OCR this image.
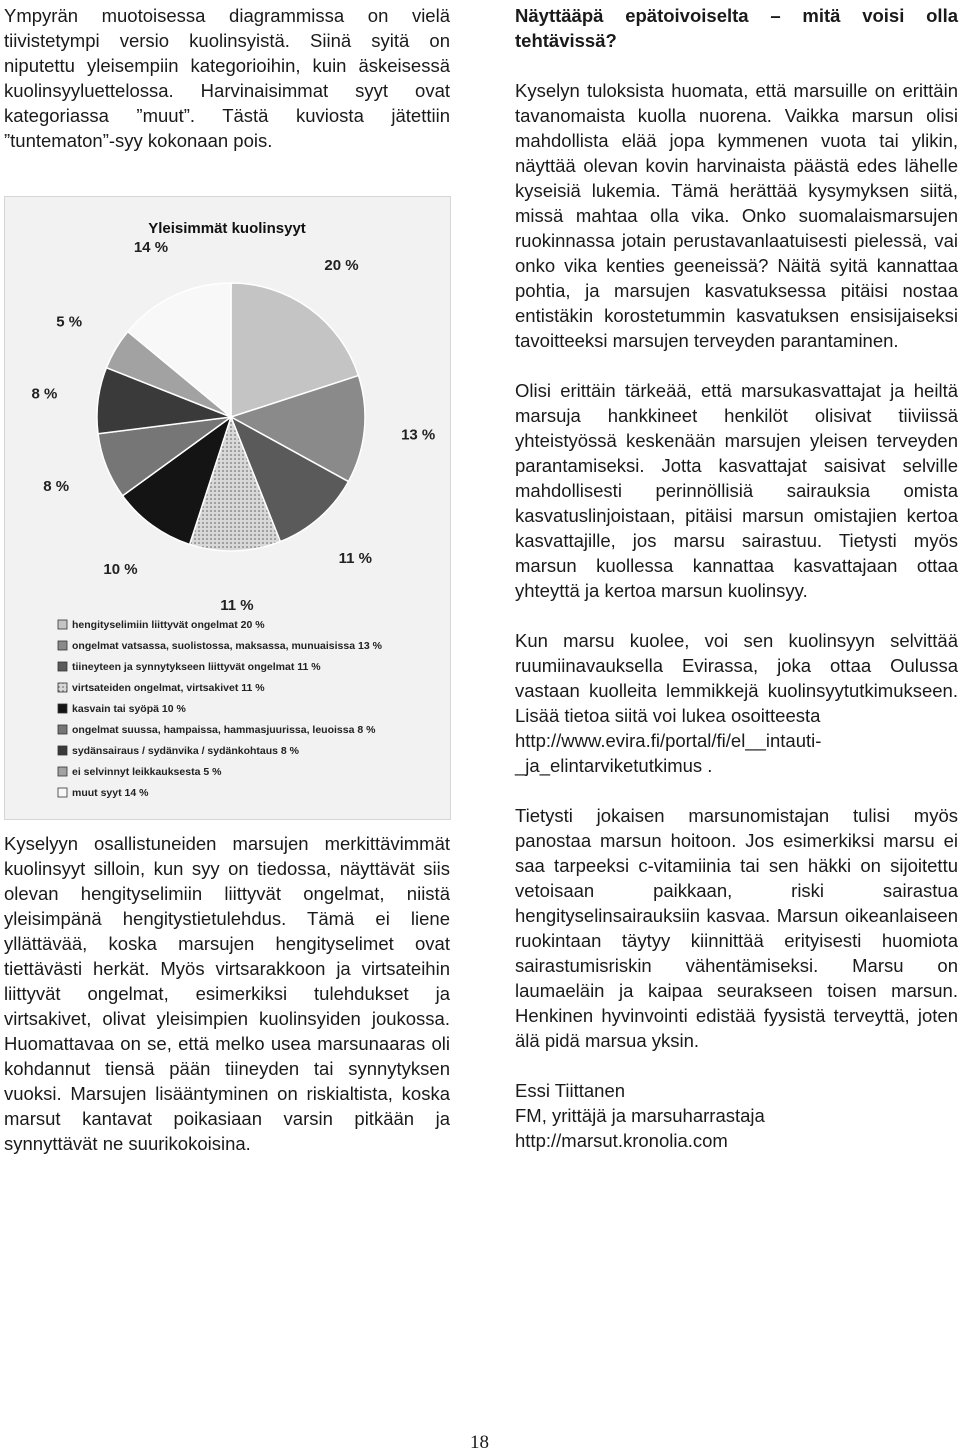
Ympyrän muotoisessa diagrammissa on vielä tiivistetympi versio kuolinsyistä. Siinä syitä on niputettu yleisempiin kategorioihin, kuin äskeisessä kuolinsyyluettelossa. Harvinaisimmat syyt ovat kategoriassa ”muut”. Tästä kuviosta jätettiin ”tuntematon”-syy kokonaan pois.

Yleisimmät kuolinsyyt
20 %
13 %
11 %
11 %
10 %
8 %
8 %
5 %
14 %
hengityselimiin liittyvät ongelmat 20 %
ongelmat vatsassa, suolistossa, maksassa, munuaisissa 13 %
tiineyteen ja synnytykseen liittyvät ongelmat 11 %
virtsateiden ongelmat, virtsakivet 11 %
kasvain tai syöpä 10 %
ongelmat suussa, hampaissa, hammasjuurissa, leuoissa 8 %
sydänsairaus / sydänvika / sydänkohtaus 8 %
ei selvinnyt leikkauksesta 5 %
muut syyt 14 %

Kyselyyn osallistuneiden marsujen merkittävimmät kuolinsyyt silloin, kun syy on tiedossa, näyttävät siis olevan hengityselimiin liittyvät ongelmat, niistä yleisimpänä hengitystietulehdus. Tämä ei liene yllättävää, koska marsujen hengityselimet ovat tiettävästi herkät. Myös virtsarakkoon ja virtsateihin liittyvät ongelmat, esimerkiksi tulehdukset ja virtsakivet, olivat yleisimpien kuolinsyiden joukossa. Huomattavaa on se, että melko usea marsunaaras oli kohdannut tiensä pään tiineyden tai synnytyksen vuoksi. Marsujen lisääntyminen on riskialtista, koska marsut kantavat poikasiaan varsin pitkään ja synnyttävät ne suurikokoisina.

Näyttääpä epätoivoiselta – mitä voisi olla tehtävissä?

Kyselyn tuloksista huomata, että marsuille on erittäin tavanomaista kuolla nuorena. Vaikka marsun olisi mahdollista elää jopa kymmenen vuota tai ylikin, näyttää olevan kovin harvinaista päästä edes lähelle kyseisiä lukemia. Tämä herättää kysymyksen siitä, missä mahtaa olla vika. Onko suomalaismarsujen ruokinnassa jotain perustavanlaatuisesti pielessä, vai onko vika kenties geeneissä? Näitä syitä kannattaa pohtia, ja marsujen kasvatuksessa pitäisi nostaa entistäkin korostetummin kasvatuksen ensisijaiseksi tavoitteeksi marsujen terveyden parantaminen.

Olisi erittäin tärkeää, että marsukasvattajat ja heiltä marsuja hankkineet henkilöt olisivat tiiviissä yhteistyössä keskenään marsujen yleisen terveyden parantamiseksi. Jotta kasvattajat saisivat selville mahdollisesti perinnöllisiä sairauksia omista kasvatuslinjoistaan, pitäisi marsun omistajien kertoa kasvattajille, jos marsu sairastuu. Tietysti myös marsun kuollessa kannattaa kasvattajaan ottaa yhteyttä ja kertoa marsun kuolinsyy.

Kun marsu kuolee, voi sen kuolinsyyn selvittää ruumiinavauksella Evirassa, joka ottaa Oulussa vastaan kuolleita lemmikkejä kuolinsyytutkimukseen. Lisää tietoa siitä voi lukea osoitteesta

http://www.evira.fi/portal/fi/el__intauti-
_ja_elintarviketutkimus .

Tietysti jokaisen marsunomistajan tulisi myös panostaa marsun hoitoon. Jos esimerkiksi marsu ei saa tarpeeksi c-vitamiinia tai sen häkki on sijoitettu vetoisaan paikkaan, riski sairastua hengityselinsairauksiin kasvaa. Marsun oikeanlaiseen ruokintaan täytyy kiinnittää erityisesti huomiota sairastumisriskin vähentämiseksi. Marsu on laumaeläin ja kaipaa seurakseen toisen marsun. Henkinen hyvinvointi edistää fyysistä terveyttä, joten älä pidä marsua yksin.

Essi Tiittanen

FM, yrittäjä ja marsuharrastaja

http://marsut.kronolia.com

18
